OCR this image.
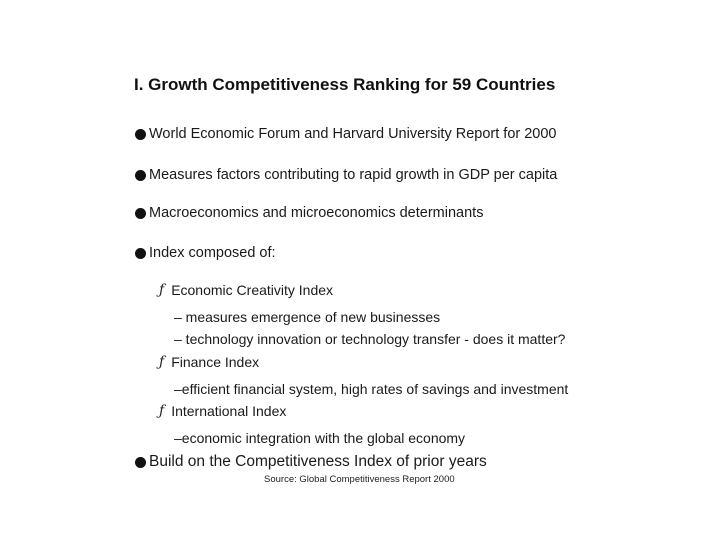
I. Growth Competitiveness Ranking for 59 Countries
World Economic Forum and Harvard University Report for 2000
Measures factors contributing to rapid growth in GDP per capita
Macroeconomics and microeconomics determinants
Index composed of:
ƒ Economic Creativity Index
– measures emergence of new businesses
– technology innovation or technology transfer - does it matter?
ƒ Finance Index
–efficient financial system, high rates of savings and investment
ƒ International Index
–economic integration with the global economy
Build on the Competitiveness Index of prior years
Source: Global Competitiveness Report 2000
